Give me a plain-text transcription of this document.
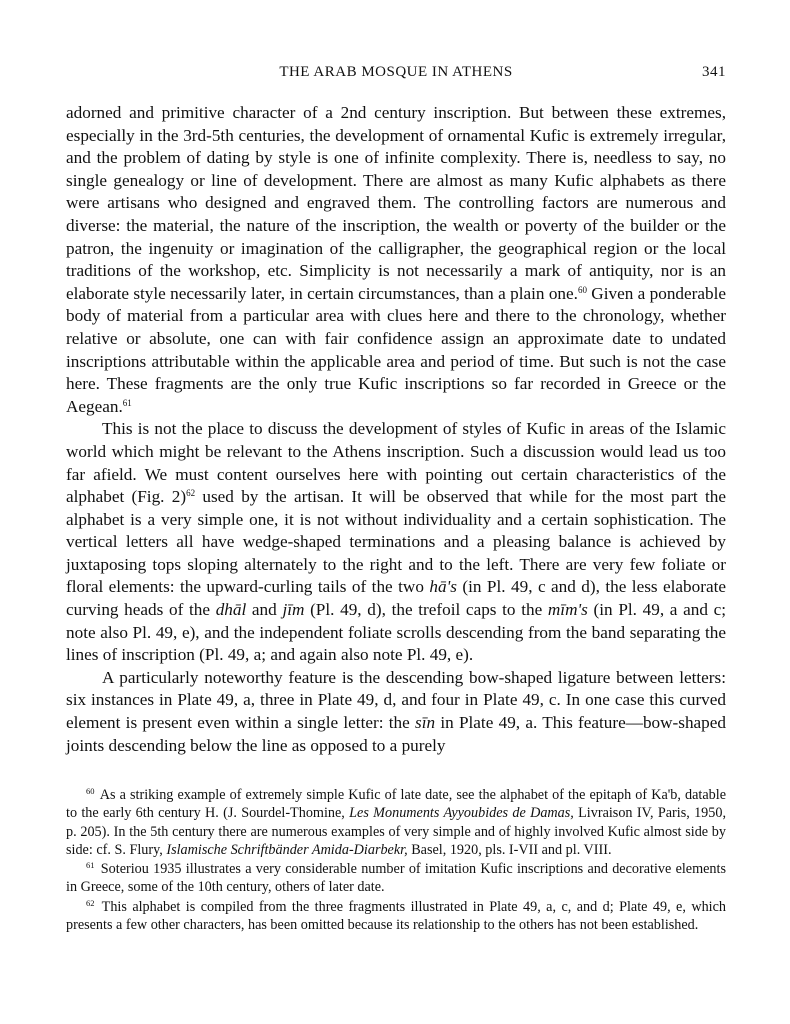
THE ARAB MOSQUE IN ATHENS	341

adorned and primitive character of a 2nd century inscription. But between these extremes, especially in the 3rd-5th centuries, the development of ornamental Kufic is extremely irregular, and the problem of dating by style is one of infinite complexity. There is, needless to say, no single genealogy or line of development. There are almost as many Kufic alphabets as there were artisans who designed and engraved them. The controlling factors are numerous and diverse: the material, the nature of the inscription, the wealth or poverty of the builder or the patron, the ingenuity or imagination of the calligrapher, the geographical region or the local traditions of the workshop, etc. Simplicity is not necessarily a mark of antiquity, nor is an elaborate style necessarily later, in certain circumstances, than a plain one.$^{60}$ Given a ponderable body of material from a particular area with clues here and there to the chronology, whether relative or absolute, one can with fair confidence assign an approximate date to undated inscriptions attributable within the applicable area and period of time. But such is not the case here. These fragments are the only true Kufic inscriptions so far recorded in Greece or the Aegean.$^{61}$

This is not the place to discuss the development of styles of Kufic in areas of the Islamic world which might be relevant to the Athens inscription. Such a discussion would lead us too far afield. We must content ourselves here with pointing out certain characteristics of the alphabet (Fig. 2)$^{62}$ used by the artisan. It will be observed that while for the most part the alphabet is a very simple one, it is not without individuality and a certain sophistication. The vertical letters all have wedge-shaped terminations and a pleasing balance is achieved by juxtaposing tops sloping alternately to the right and to the left. There are very few foliate or floral elements: the upward-curling tails of the two hā's (in Pl. 49, c and d), the less elaborate curving heads of the dhāl and jīm (Pl. 49, d), the trefoil caps to the mīm's (in Pl. 49, a and c; note also Pl. 49, e), and the independent foliate scrolls descending from the band separating the lines of inscription (Pl. 49, a; and again also note Pl. 49, e).

A particularly noteworthy feature is the descending bow-shaped ligature between letters: six instances in Plate 49, a, three in Plate 49, d, and four in Plate 49, c. In one case this curved element is present even within a single letter: the sīn in Plate 49, a. This feature—bow-shaped joints descending below the line as opposed to a purely

$^{60}$ As a striking example of extremely simple Kufic of late date, see the alphabet of the epitaph of Ka'b, datable to the early 6th century H. (J. Sourdel-Thomine, Les Monuments Ayyoubides de Damas, Livraison IV, Paris, 1950, p. 205). In the 5th century there are numerous examples of very simple and of highly involved Kufic almost side by side: cf. S. Flury, Islamische Schriftbänder Amida-Diarbekr, Basel, 1920, pls. I-VII and pl. VIII.

$^{61}$ Soteriou 1935 illustrates a very considerable number of imitation Kufic inscriptions and decorative elements in Greece, some of the 10th century, others of later date.

$^{62}$ This alphabet is compiled from the three fragments illustrated in Plate 49, a, c, and d; Plate 49, e, which presents a few other characters, has been omitted because its relationship to the others has not been established.
